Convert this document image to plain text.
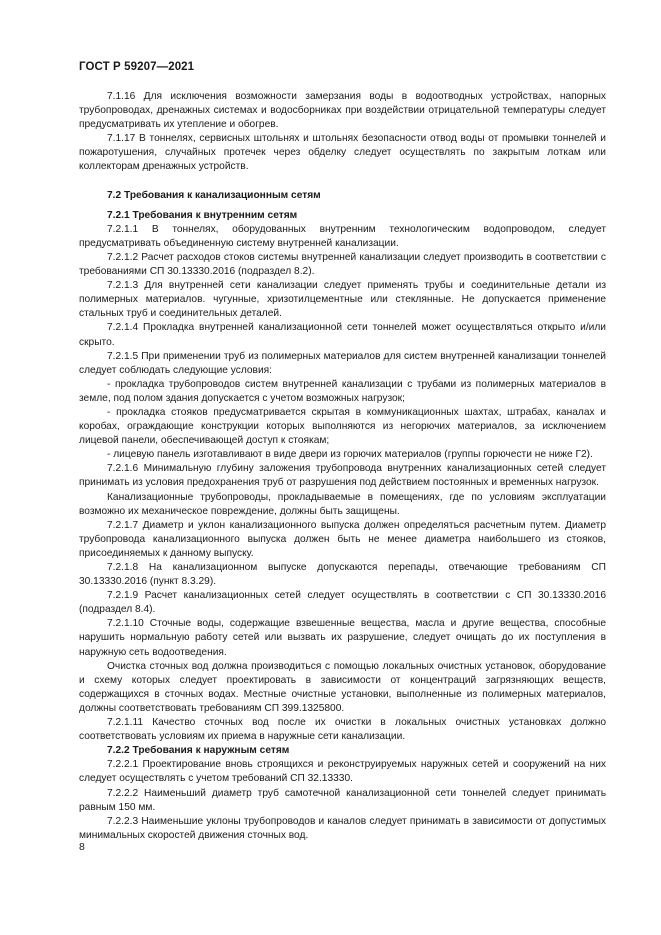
ГОСТ Р 59207—2021

7.1.16 Для исключения возможности замерзания воды в водоотводных устройствах, напорных трубопроводах, дренажных системах и водосборниках при воздействии отрицательной температуры следует предусматривать их утепление и обогрев.

7.1.17 В тоннелях, сервисных штольнях и штольнях безопасности отвод воды от промывки тоннелей и пожаротушения, случайных протечек через обделку следует осуществлять по закрытым лоткам или коллекторам дренажных устройств.

7.2 Требования к канализационным сетям

7.2.1 Требования к внутренним сетям

7.2.1.1 В тоннелях, оборудованных внутренним технологическим водопроводом, следует предусматривать объединенную систему внутренней канализации.

7.2.1.2 Расчет расходов стоков системы внутренней канализации следует производить в соответствии с требованиями СП 30.13330.2016 (подраздел 8.2).

7.2.1.3 Для внутренней сети канализации следует применять трубы и соединительные детали из полимерных материалов. чугунные, хризотилцементные или стеклянные. Не допускается применение стальных труб и соединительных деталей.

7.2.1.4 Прокладка внутренней канализационной сети тоннелей может осуществляться открыто и/или скрыто.

7.2.1.5 При применении труб из полимерных материалов для систем внутренней канализации тоннелей следует соблюдать следующие условия:

- прокладка трубопроводов систем внутренней канализации с трубами из полимерных материалов в земле, под полом здания допускается с учетом возможных нагрузок;

- прокладка стояков предусматривается скрытая в коммуникационных шахтах, штрабах, каналах и коробах, ограждающие конструкции которых выполняются из негорючих материалов, за исключением лицевой панели, обеспечивающей доступ к стоякам;

- лицевую панель изготавливают в виде двери из горючих материалов (группы горючести не ниже Г2).

7.2.1.6 Минимальную глубину заложения трубопровода внутренних канализационных сетей следует принимать из условия предохранения труб от разрушения под действием постоянных и временных нагрузок.

Канализационные трубопроводы, прокладываемые в помещениях, где по условиям эксплуатации возможно их механическое повреждение, должны быть защищены.

7.2.1.7 Диаметр и уклон канализационного выпуска должен определяться расчетным путем. Диаметр трубопровода канализационного выпуска должен быть не менее диаметра наибольшего из стояков, присоединяемых к данному выпуску.

7.2.1.8 На канализационном выпуске допускаются перепады, отвечающие требованиям СП 30.13330.2016 (пункт 8.3.29).

7.2.1.9 Расчет канализационных сетей следует осуществлять в соответствии с СП 30.13330.2016 (подраздел 8.4).

7.2.1.10 Сточные воды, содержащие взвешенные вещества, масла и другие вещества, способные нарушить нормальную работу сетей или вызвать их разрушение, следует очищать до их поступления в наружную сеть водоотведения.

Очистка сточных вод должна производиться с помощью локальных очистных установок, оборудование и схему которых следует проектировать в зависимости от концентраций загрязняющих веществ, содержащихся в сточных водах. Местные очистные установки, выполненные из полимерных материалов, должны соответствовать требованиям СП 399.1325800.

7.2.1.11 Качество сточных вод после их очистки в локальных очистных установках должно соответствовать условиям их приема в наружные сети канализации.

7.2.2 Требования к наружным сетям

7.2.2.1 Проектирование вновь строящихся и реконструируемых наружных сетей и сооружений на них следует осуществлять с учетом требований СП 32.13330.

7.2.2.2 Наименьший диаметр труб самотечной канализационной сети тоннелей следует принимать равным 150 мм.

7.2.2.3 Наименьшие уклоны трубопроводов и каналов следует принимать в зависимости от допустимых минимальных скоростей движения сточных вод.

8
